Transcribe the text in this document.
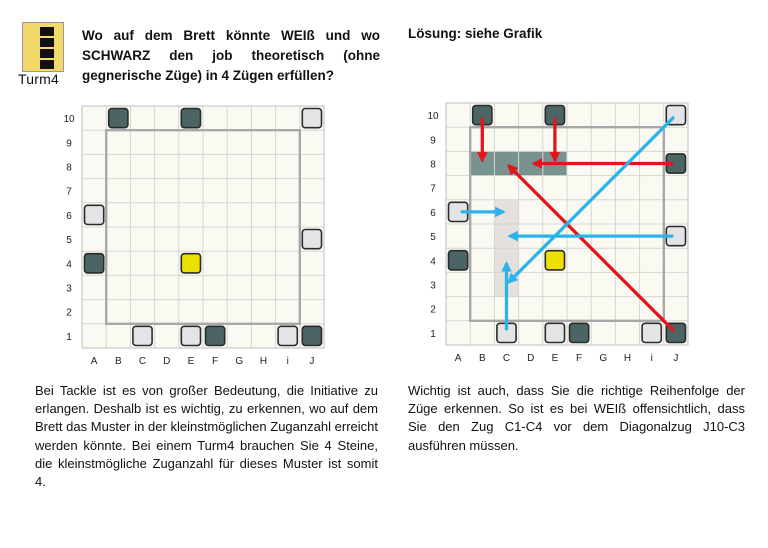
Turm4
Wo auf dem Brett könnte WEIß und wo SCHWARZ den job theoretisch (ohne gegnerische Züge) in 4 Zügen erfüllen?
Lösung: siehe Grafik
1
2
3
4
5
6
7
8
9
10
A B C D E F G H i J
1
2
3
4
5
6
7
8
9
10
A B C D E F G H i J
Bei Tackle ist es von großer Bedeutung, die Initiative zu erlangen. Deshalb ist es wichtig, zu erkennen, wo auf dem Brett das Muster in der kleinstmöglichen Zuganzahl erreicht werden könnte. Bei einem Turm4 brauchen Sie 4 Steine, die kleinstmögliche Zuganzahl für dieses Muster ist somit 4.
Wichtig ist auch, dass Sie die richtige Reihenfolge der Züge erkennen. So ist es bei WEIß offensichtlich, dass Sie den Zug C1-C4 vor dem Diagonalzug J10-C3 ausführen müssen.
